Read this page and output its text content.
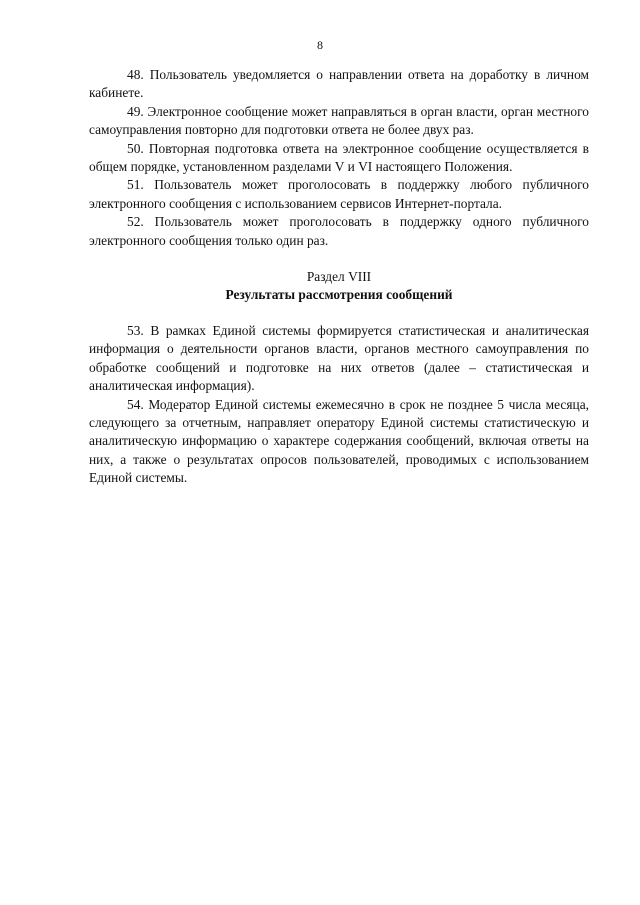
8

48. Пользователь уведомляется о направлении ответа на доработку в личном кабинете.

49. Электронное сообщение может направляться в орган власти, орган местного самоуправления повторно для подготовки ответа не более двух раз.

50. Повторная подготовка ответа на электронное сообщение осуществляется в общем порядке, установленном разделами V и VI настоящего Положения.

51. Пользователь может проголосовать в поддержку любого публичного электронного сообщения с использованием сервисов Интернет-портала.

52. Пользователь может проголосовать в поддержку одного публичного электронного сообщения только один раз.

Раздел VIII
Результаты рассмотрения сообщений

53. В рамках Единой системы формируется статистическая и аналитическая информация о деятельности органов власти, органов местного самоуправления по обработке сообщений и подготовке на них ответов (далее – статистическая и аналитическая информация).

54. Модератор Единой системы ежемесячно в срок не позднее 5 числа месяца, следующего за отчетным, направляет оператору Единой системы статистическую и аналитическую информацию о характере содержания сообщений, включая ответы на них, а также о результатах опросов пользователей, проводимых с использованием Единой системы.
